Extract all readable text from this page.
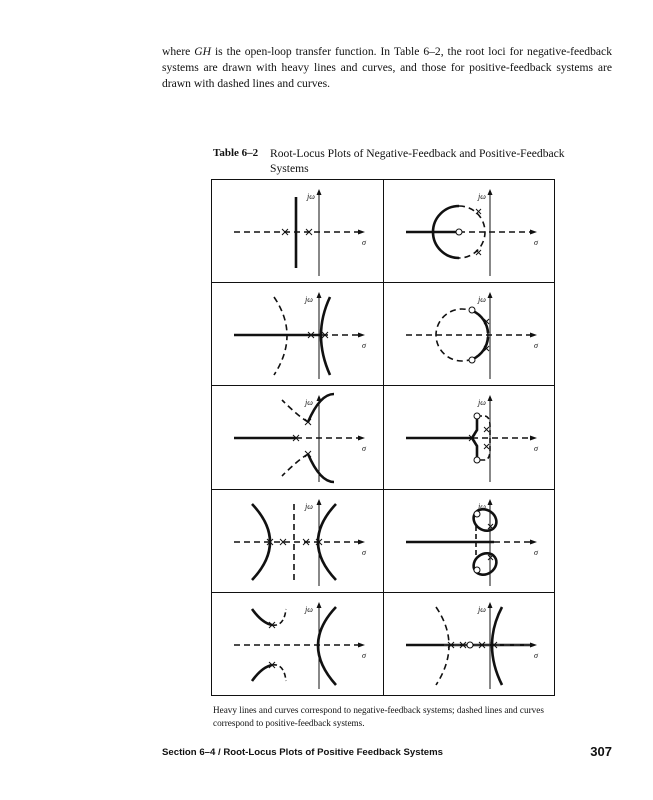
where GH is the open-loop transfer function. In Table 6–2, the root loci for negative-feedback systems are drawn with heavy lines and curves, and those for positive-feedback systems are drawn with dashed lines and curves.

Table 6–2 Root-Locus Plots of Negative-Feedback and Positive-Feedback Systems
jω
σ
jω
σ
jω
σ
jω
σ
jω
σ
jω
σ
jω
σ
jω
σ
jω
σ
jω
σ

Heavy lines and curves correspond to negative-feedback systems; dashed lines and curves correspond to positive-feedback systems.

Section 6–4 / Root-Locus Plots of Positive Feedback Systems	307
